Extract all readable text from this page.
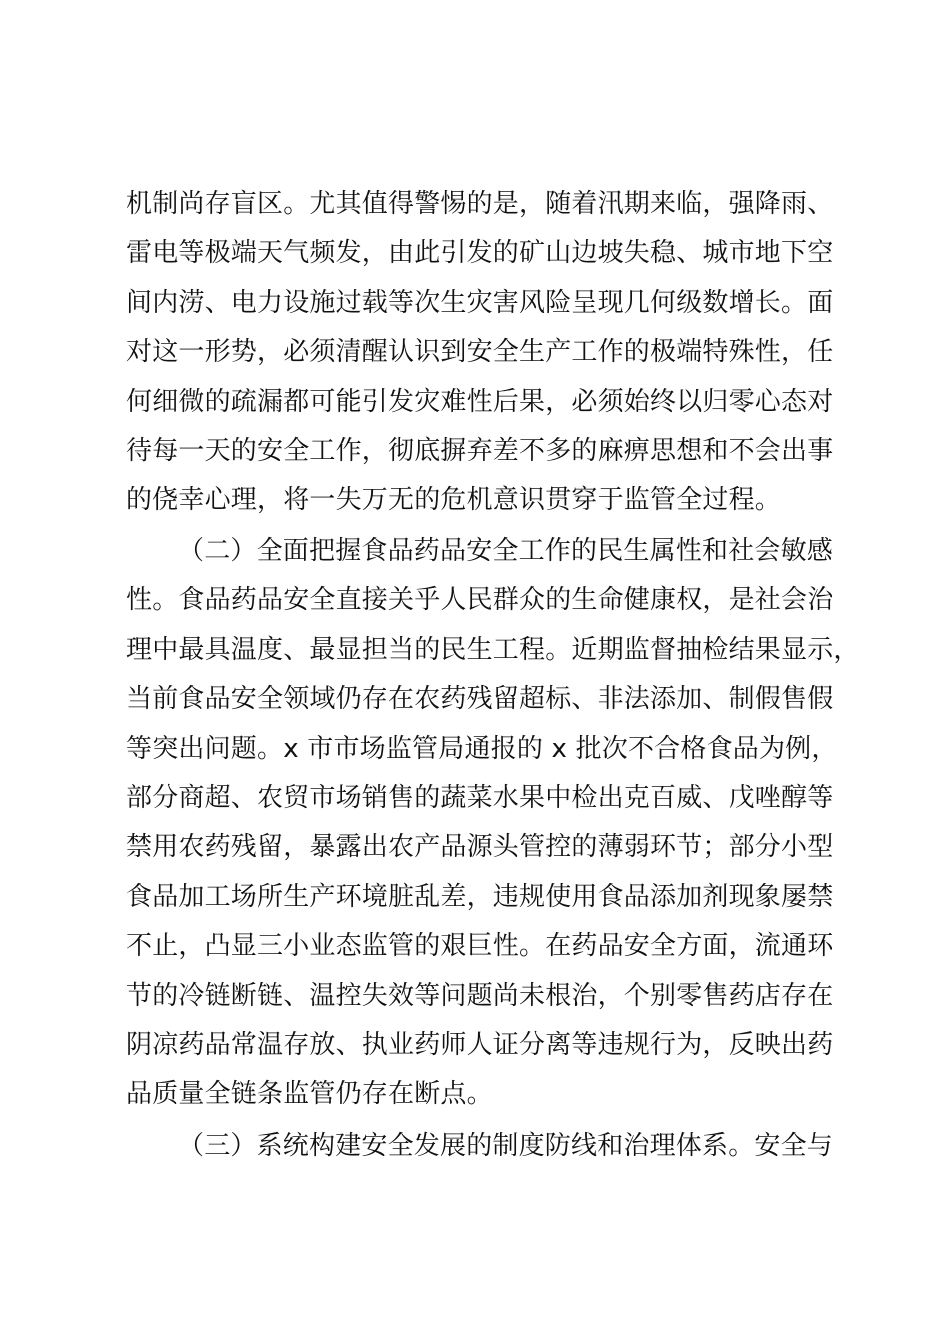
机制尚存盲区。尤其值得警惕的是，随着汛期来临，强降雨、
雷电等极端天气频发，由此引发的矿山边坡失稳、城市地下空
间内涝、电力设施过载等次生灾害风险呈现几何级数增长。面
对这一形势，必须清醒认识到安全生产工作的极端特殊性，任
何细微的疏漏都可能引发灾难性后果，必须始终以归零心态对
待每一天的安全工作，彻底摒弃差不多的麻痹思想和不会出事
的侥幸心理，将一失万无的危机意识贯穿于监管全过程。
（二）全面把握食品药品安全工作的民生属性和社会敏感
性。食品药品安全直接关乎人民群众的生命健康权，是社会治
理中最具温度、最显担当的民生工程。近期监督抽检结果显示，
当前食品安全领域仍存在农药残留超标、非法添加、制假售假
等突出问题。x 市市场监管局通报的 x 批次不合格食品为例，
部分商超、农贸市场销售的蔬菜水果中检出克百威、戊唑醇等
禁用农药残留，暴露出农产品源头管控的薄弱环节；部分小型
食品加工场所生产环境脏乱差，违规使用食品添加剂现象屡禁
不止，凸显三小业态监管的艰巨性。在药品安全方面，流通环
节的冷链断链、温控失效等问题尚未根治，个别零售药店存在
阴凉药品常温存放、执业药师人证分离等违规行为，反映出药
品质量全链条监管仍存在断点。
（三）系统构建安全发展的制度防线和治理体系。安全与
